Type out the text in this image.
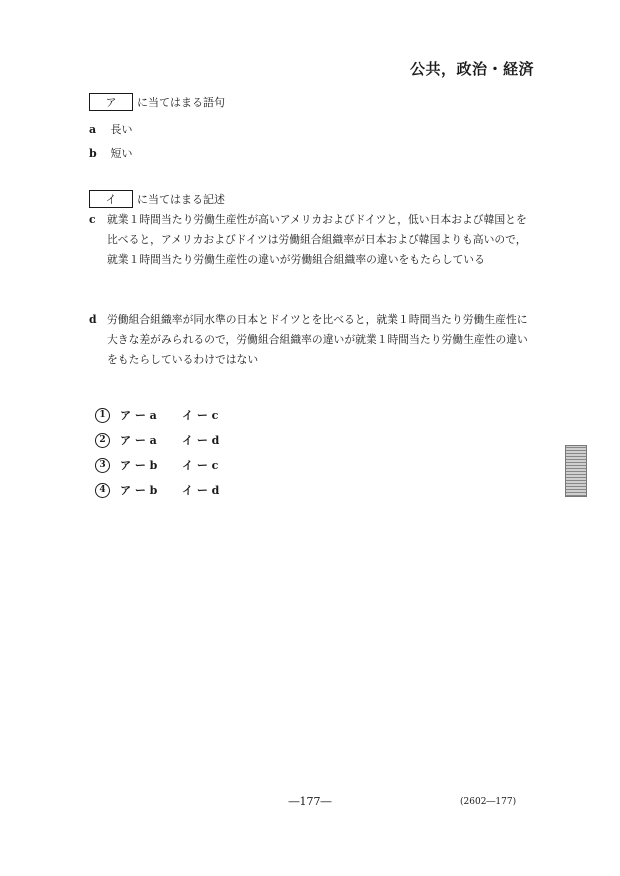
公共，政治・経済
ア	に当てはまる語句
a 長い
b 短い
イ	に当てはまる記述
c 就業１時間当たり労働生産性が高いアメリカおよびドイツと，低い日本および韓国とを比べると，アメリカおよびドイツは労働組合組織率が日本および韓国よりも高いので，就業１時間当たり労働生産性の違いが労働組合組織率の違いをもたらしている
d 労働組合組織率が同水準の日本とドイツとを比べると，就業１時間当たり労働生産性に大きな差がみられるので，労働組合組織率の違いが就業１時間当たり労働生産性の違いをもたらしているわけではない
1	ア ー a	イ ー c
2	ア ー a	イ ー d
3	ア ー b	イ ー c
4	ア ー b	イ ー d
―177―	(2602―177)
